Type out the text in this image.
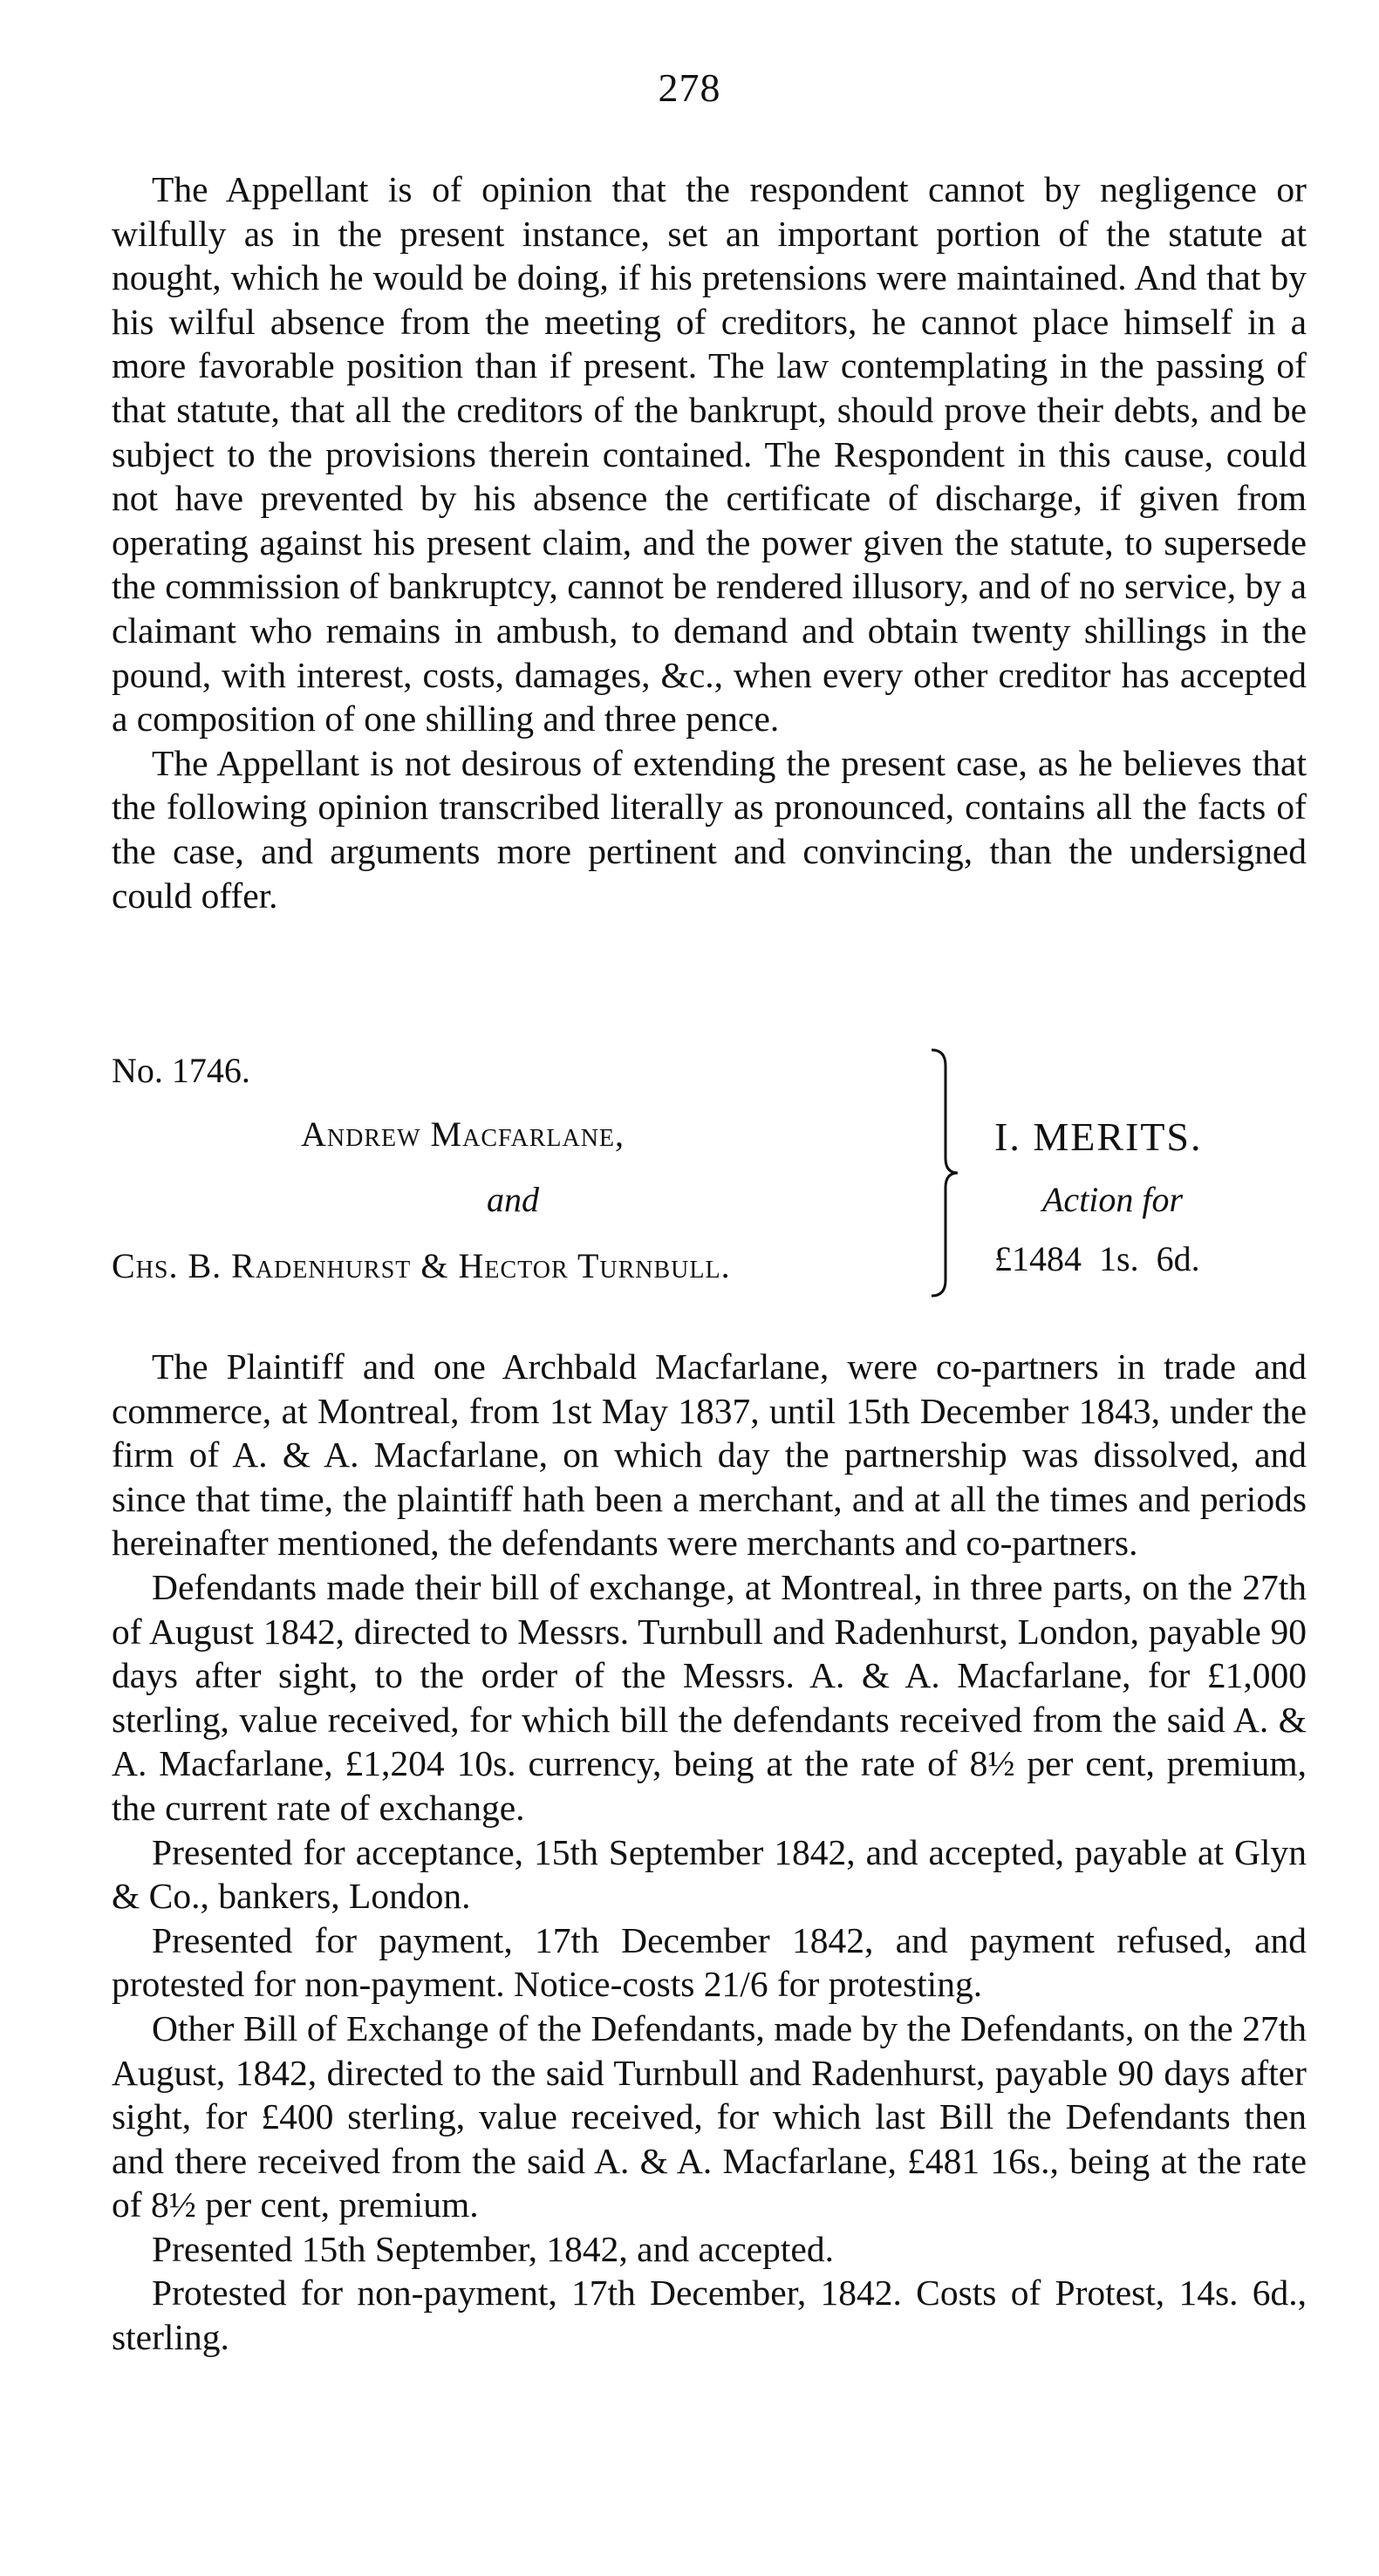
278

The Appellant is of opinion that the respondent cannot by negligence or wilfully as in the present instance, set an important portion of the statute at nought, which he would be doing, if his pretensions were maintained. And that by his wilful absence from the meeting of creditors, he cannot place himself in a more favorable position than if present. The law contemplating in the passing of that statute, that all the creditors of the bankrupt, should prove their debts, and be subject to the provisions therein contained. The Respondent in this cause, could not have prevented by his absence the certificate of discharge, if given from operating against his present claim, and the power given the statute, to supersede the commission of bankruptcy, cannot be rendered illusory, and of no service, by a claimant who remains in ambush, to demand and obtain twenty shillings in the pound, with interest, costs, damages, &c., when every other creditor has accepted a composition of one shilling and three pence.

The Appellant is not desirous of extending the present case, as he believes that the following opinion transcribed literally as pronounced, contains all the facts of the case, and arguments more pertinent and convincing, than the undersigned could offer.

No. 1746.
Andrew Macfarlane,
and
Chs. B. Radenhurst & Hector Turnbull.
I. MERITS.
Action for
£1484 1s. 6d.

The Plaintiff and one Archbald Macfarlane, were co-partners in trade and commerce, at Montreal, from 1st May 1837, until 15th December 1843, under the firm of A. & A. Macfarlane, on which day the partnership was dissolved, and since that time, the plaintiff hath been a merchant, and at all the times and periods hereinafter mentioned, the defendants were merchants and co-partners.

Defendants made their bill of exchange, at Montreal, in three parts, on the 27th of August 1842, directed to Messrs. Turnbull and Radenhurst, London, payable 90 days after sight, to the order of the Messrs. A. & A. Macfarlane, for £1,000 sterling, value received, for which bill the defendants received from the said A. & A. Macfarlane, £1,204 10s. currency, being at the rate of 8½ per cent, premium, the current rate of exchange.

Presented for acceptance, 15th September 1842, and accepted, payable at Glyn & Co., bankers, London.

Presented for payment, 17th December 1842, and payment refused, and protested for non-payment. Notice-costs 21/6 for protesting.

Other Bill of Exchange of the Defendants, made by the Defendants, on the 27th August, 1842, directed to the said Turnbull and Radenhurst, payable 90 days after sight, for £400 sterling, value received, for which last Bill the Defendants then and there received from the said A. & A. Macfarlane, £481 16s., being at the rate of 8½ per cent, premium.

Presented 15th September, 1842, and accepted.

Protested for non-payment, 17th December, 1842. Costs of Protest, 14s. 6d., sterling.
